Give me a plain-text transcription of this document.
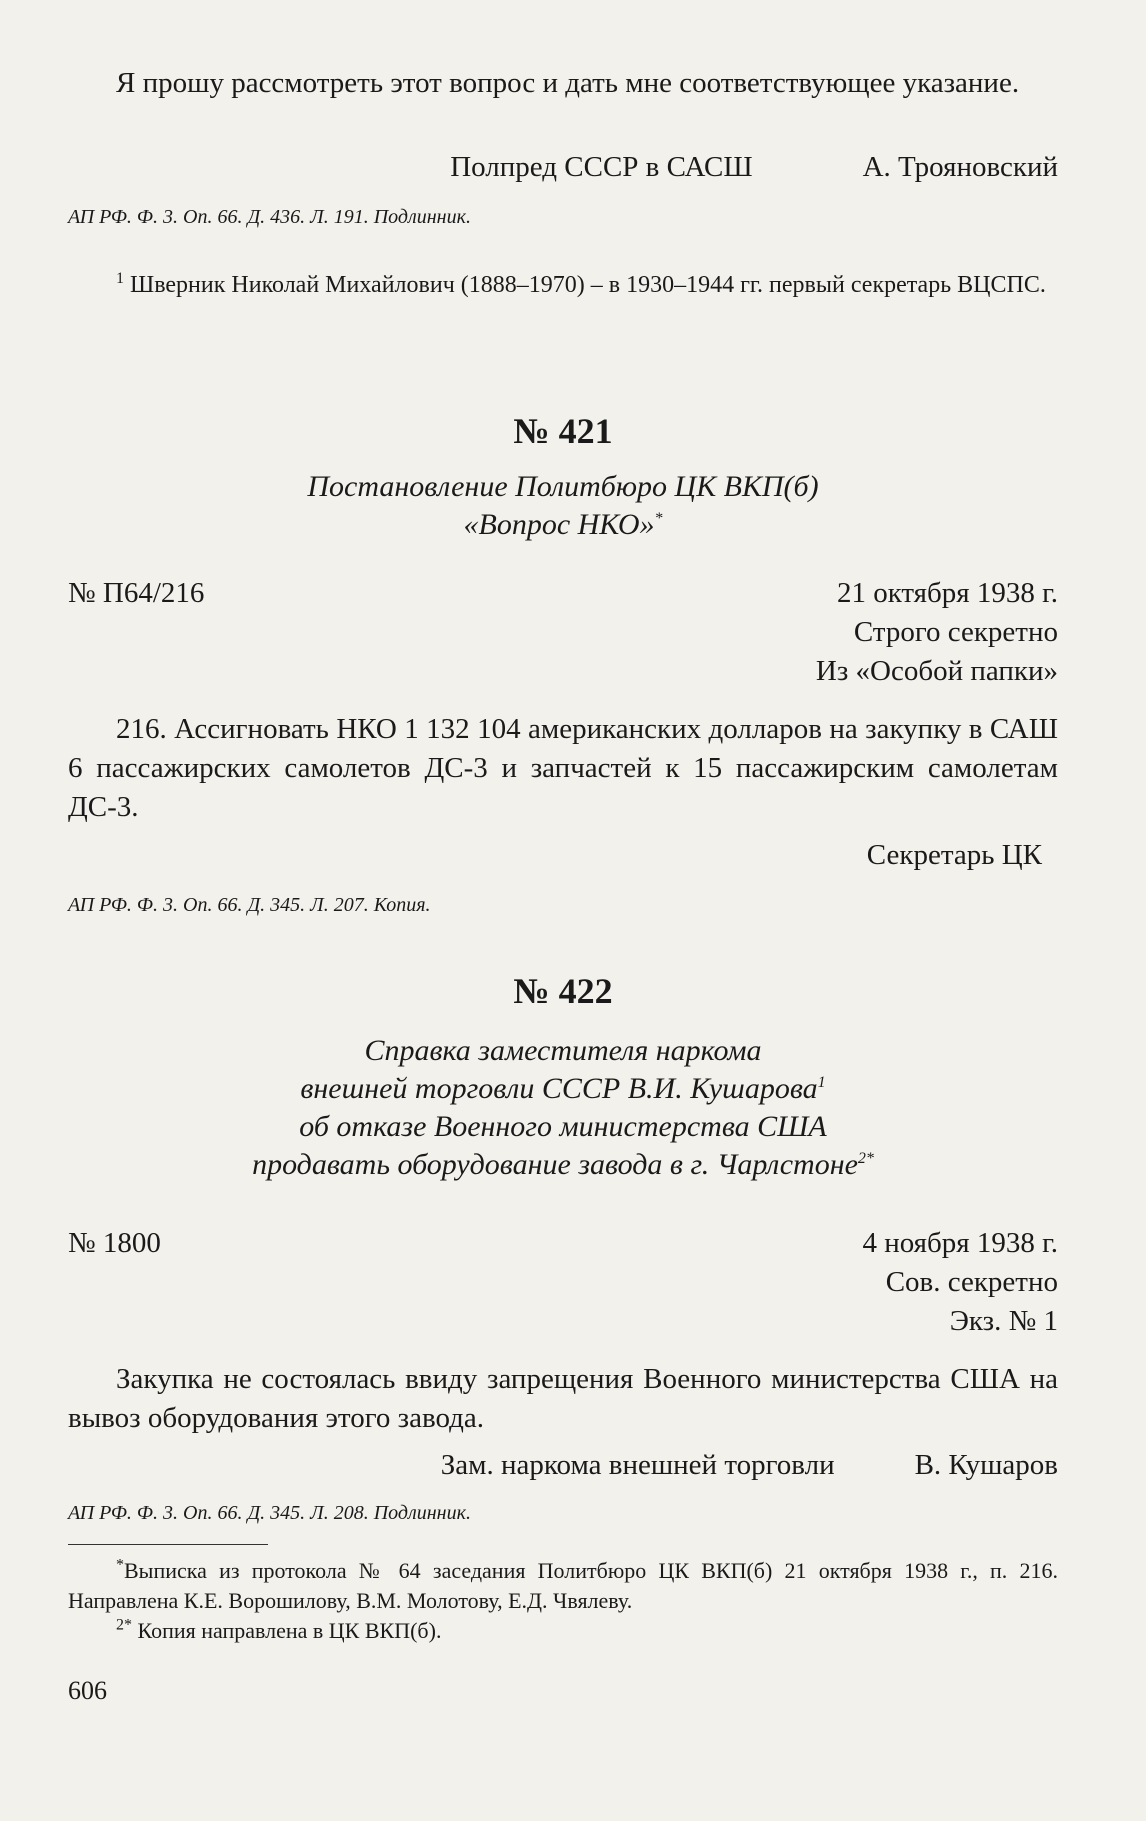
Я прошу рассмотреть этот вопрос и дать мне соответствующее указание.
Полпред СССР в САСШ	А. Трояновский
АП РФ. Ф. 3. Оп. 66. Д. 436. Л. 191. Подлинник.
$^1$ Шверник Николай Михайлович (1888–1970) – в 1930–1944 гг. первый секретарь ВЦСПС.
№ 421
Постановление Политбюро ЦК ВКП(б)
«Вопрос НКО»*
№ П64/216	21 октября 1938 г.
Строго секретно
Из «Особой папки»
216. Ассигновать НКО 1 132 104 американских долларов на закупку в САШ 6 пассажирских самолетов ДС-3 и запчастей к 15 пассажирским самолетам ДС-3.
Секретарь ЦК
АП РФ. Ф. 3. Оп. 66. Д. 345. Л. 207. Копия.
№ 422
Справка заместителя наркома
внешней торговли СССР В.И. Кушарова$^1$
об отказе Военного министерства США
продавать оборудование завода в г. Чарлстоне$^{2*}$
№ 1800	4 ноября 1938 г.
Сов. секретно
Экз. № 1
Закупка не состоялась ввиду запрещения Военного министерства США на вывоз оборудования этого завода.
Зам. наркома внешней торговли	В. Кушаров
АП РФ. Ф. 3. Оп. 66. Д. 345. Л. 208. Подлинник.
*Выписка из протокола № 64 заседания Политбюро ЦК ВКП(б) 21 октября 1938 г., п. 216. Направлена К.Е. Ворошилову, В.М. Молотову, Е.Д. Чвялеву.
$^{2*}$ Копия направлена в ЦК ВКП(б).
606
